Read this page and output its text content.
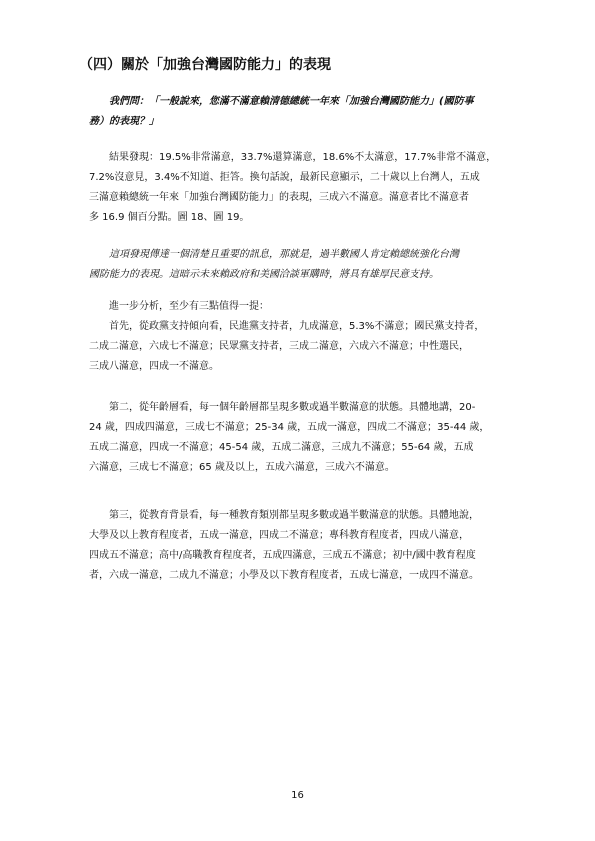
（四）關於「加強台灣國防能力」的表現
我們問：「一般說來，您滿不滿意賴清德總統一年來「加強台灣國防能力」(國防事
務）的表現？」
結果發現：19.5%非常滿意，33.7%還算滿意，18.6%不太滿意，17.7%非常不滿意，
7.2%沒意見，3.4%不知道、拒答。換句話說，最新民意顯示，二十歲以上台灣人，五成
三滿意賴總統一年來「加強台灣國防能力」的表現，三成六不滿意。滿意者比不滿意者
多 16.9 個百分點。圖 18、圖 19。
這項發現傳達一個清楚且重要的訊息，那就是，過半數國人肯定賴總統強化台灣
國防能力的表現。這暗示未來賴政府和美國洽談軍購時，將具有雄厚民意支持。
進一步分析，至少有三點值得一提：
首先，從政黨支持傾向看，民進黨支持者，九成滿意，5.3%不滿意；國民黨支持者，
二成二滿意，六成七不滿意；民眾黨支持者，三成二滿意，六成六不滿意；中性選民，
三成八滿意，四成一不滿意。
第二，從年齡層看，每一個年齡層都呈現多數或過半數滿意的狀態。具體地講，20-
24 歲，四成四滿意，三成七不滿意；25-34 歲，五成一滿意，四成二不滿意；35-44 歲，
五成二滿意，四成一不滿意；45-54 歲，五成二滿意，三成九不滿意；55-64 歲，五成
六滿意，三成七不滿意；65 歲及以上，五成六滿意，三成六不滿意。
第三，從教育背景看，每一種教育類別都呈現多數或過半數滿意的狀態。具體地說，
大學及以上教育程度者，五成一滿意，四成二不滿意；專科教育程度者，四成八滿意，
四成五不滿意；高中/高職教育程度者，五成四滿意，三成五不滿意；初中/國中教育程度
者，六成一滿意，二成九不滿意；小學及以下教育程度者，五成七滿意，一成四不滿意。
16
